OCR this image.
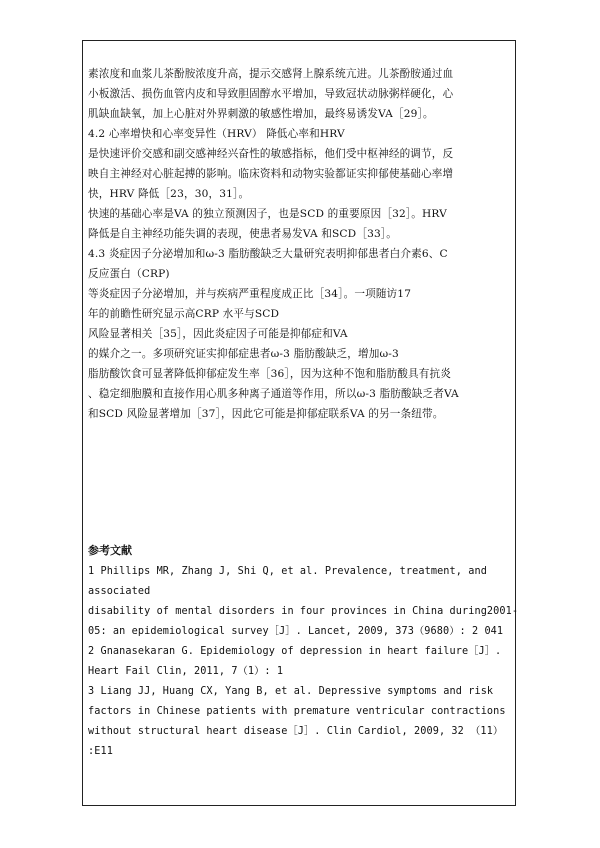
素浓度和血浆儿茶酚胺浓度升高，提示交感肾上腺系统亢进。儿茶酚胺通过血
小板激活、损伤血管内皮和导致胆固醇水平增加，导致冠状动脉粥样硬化，心
肌缺血缺氧，加上心脏对外界刺激的敏感性增加，最终易诱发VA［29］。
4.2 心率增快和心率变异性（HRV） 降低心率和HRV
是快速评价交感和副交感神经兴奋性的敏感指标，他们受中枢神经的调节，反
映自主神经对心脏起搏的影响。临床资料和动物实验都证实抑郁使基础心率增
快，HRV 降低［23，30，31］。
快速的基础心率是VA 的独立预测因子，也是SCD 的重要原因［32］。HRV
降低是自主神经功能失调的表现，使患者易发VA 和SCD［33］。
4.3 炎症因子分泌增加和ω-3 脂肪酸缺乏大量研究表明抑郁患者白介素6、C
反应蛋白（CRP)
等炎症因子分泌增加，并与疾病严重程度成正比［34］。一项随访17
年的前瞻性研究显示高CRP 水平与SCD
风险显著相关［35］，因此炎症因子可能是抑郁症和VA
的媒介之一。多项研究证实抑郁症患者ω-3 脂肪酸缺乏，增加ω-3
脂肪酸饮食可显著降低抑郁症发生率［36］，因为这种不饱和脂肪酸具有抗炎
、稳定细胞膜和直接作用心肌多种离子通道等作用，所以ω-3 脂肪酸缺乏者VA
和SCD 风险显著增加［37］，因此它可能是抑郁症联系VA 的另一条纽带。
参考文献
1 Phillips MR, Zhang J, Shi Q, et al. Prevalence, treatment, and
associated
disability of mental disorders in four provinces in China during2001-
05: an epidemiological survey［J］. Lancet, 2009, 373（9680）: 2 041
2 Gnanasekaran G. Epidemiology of depression in heart failure［J］.
Heart Fail Clin, 2011, 7（1）: 1
3 Liang JJ, Huang CX, Yang B, et al. Depressive symptoms and risk
factors in Chinese patients with premature ventricular contractions
without structural heart disease［J］. Clin Cardiol, 2009, 32 （11）
:E11
